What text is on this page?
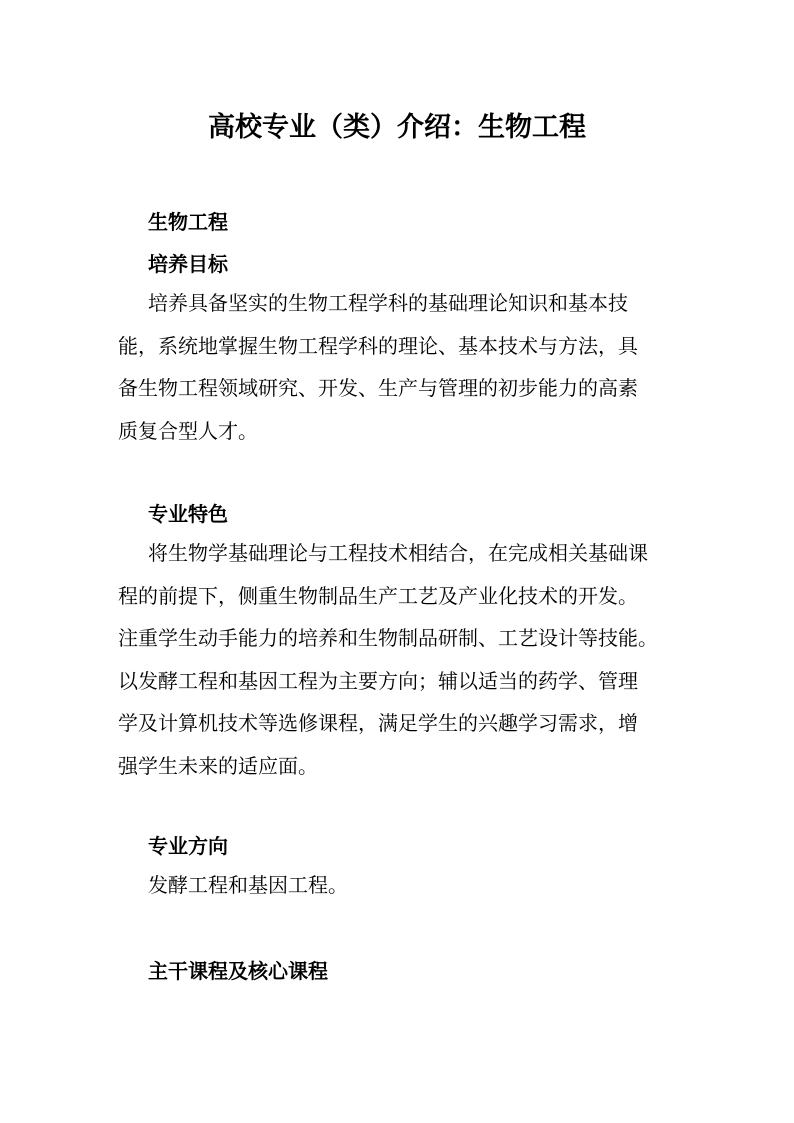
高校专业（类）介绍：生物工程
生物工程
培养目标
培养具备坚实的生物工程学科的基础理论知识和基本技
能，系统地掌握生物工程学科的理论、基本技术与方法，具
备生物工程领域研究、开发、生产与管理的初步能力的高素
质复合型人才。
专业特色
将生物学基础理论与工程技术相结合，在完成相关基础课
程的前提下，侧重生物制品生产工艺及产业化技术的开发。
注重学生动手能力的培养和生物制品研制、工艺设计等技能。
以发酵工程和基因工程为主要方向；辅以适当的药学、管理
学及计算机技术等选修课程，满足学生的兴趣学习需求，增
强学生未来的适应面。
专业方向
发酵工程和基因工程。
主干课程及核心课程
